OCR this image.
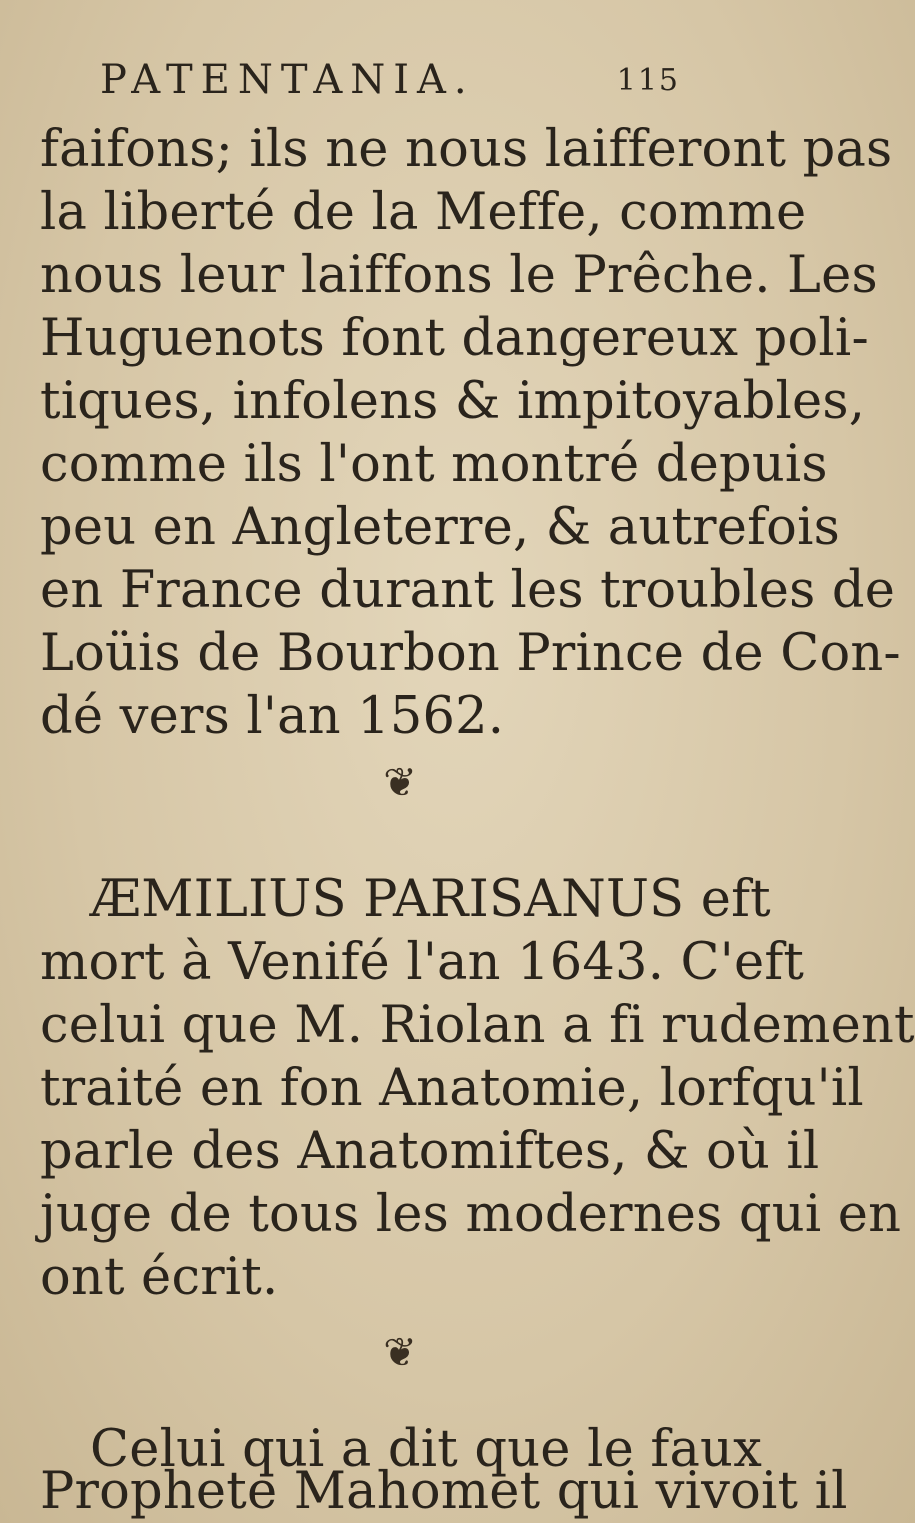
PATENTANIA.	115
faifons; ils ne nous laifferont pas
la liberté de la Meffe, comme
nous leur laiffons le Prêche. Les
Huguenots font dangereux poli-
tiques, infolens & impitoyables,
comme ils l'ont montré depuis
peu en Angleterre, & autrefois
en France durant les troubles de
Loüis de Bourbon Prince de Con-
dé vers l'an 1562.
❦
ÆMILIUS PARISANUS eft
mort à Venifé l'an 1643. C'eft
celui que M. Riolan a fi rudement
traité en fon Anatomie, lorfqu'il
parle des Anatomiftes, & où il
juge de tous les modernes qui en
ont écrit.
❦
Celui qui a dit que le faux
Prophete Mahomet qui vivoit il
